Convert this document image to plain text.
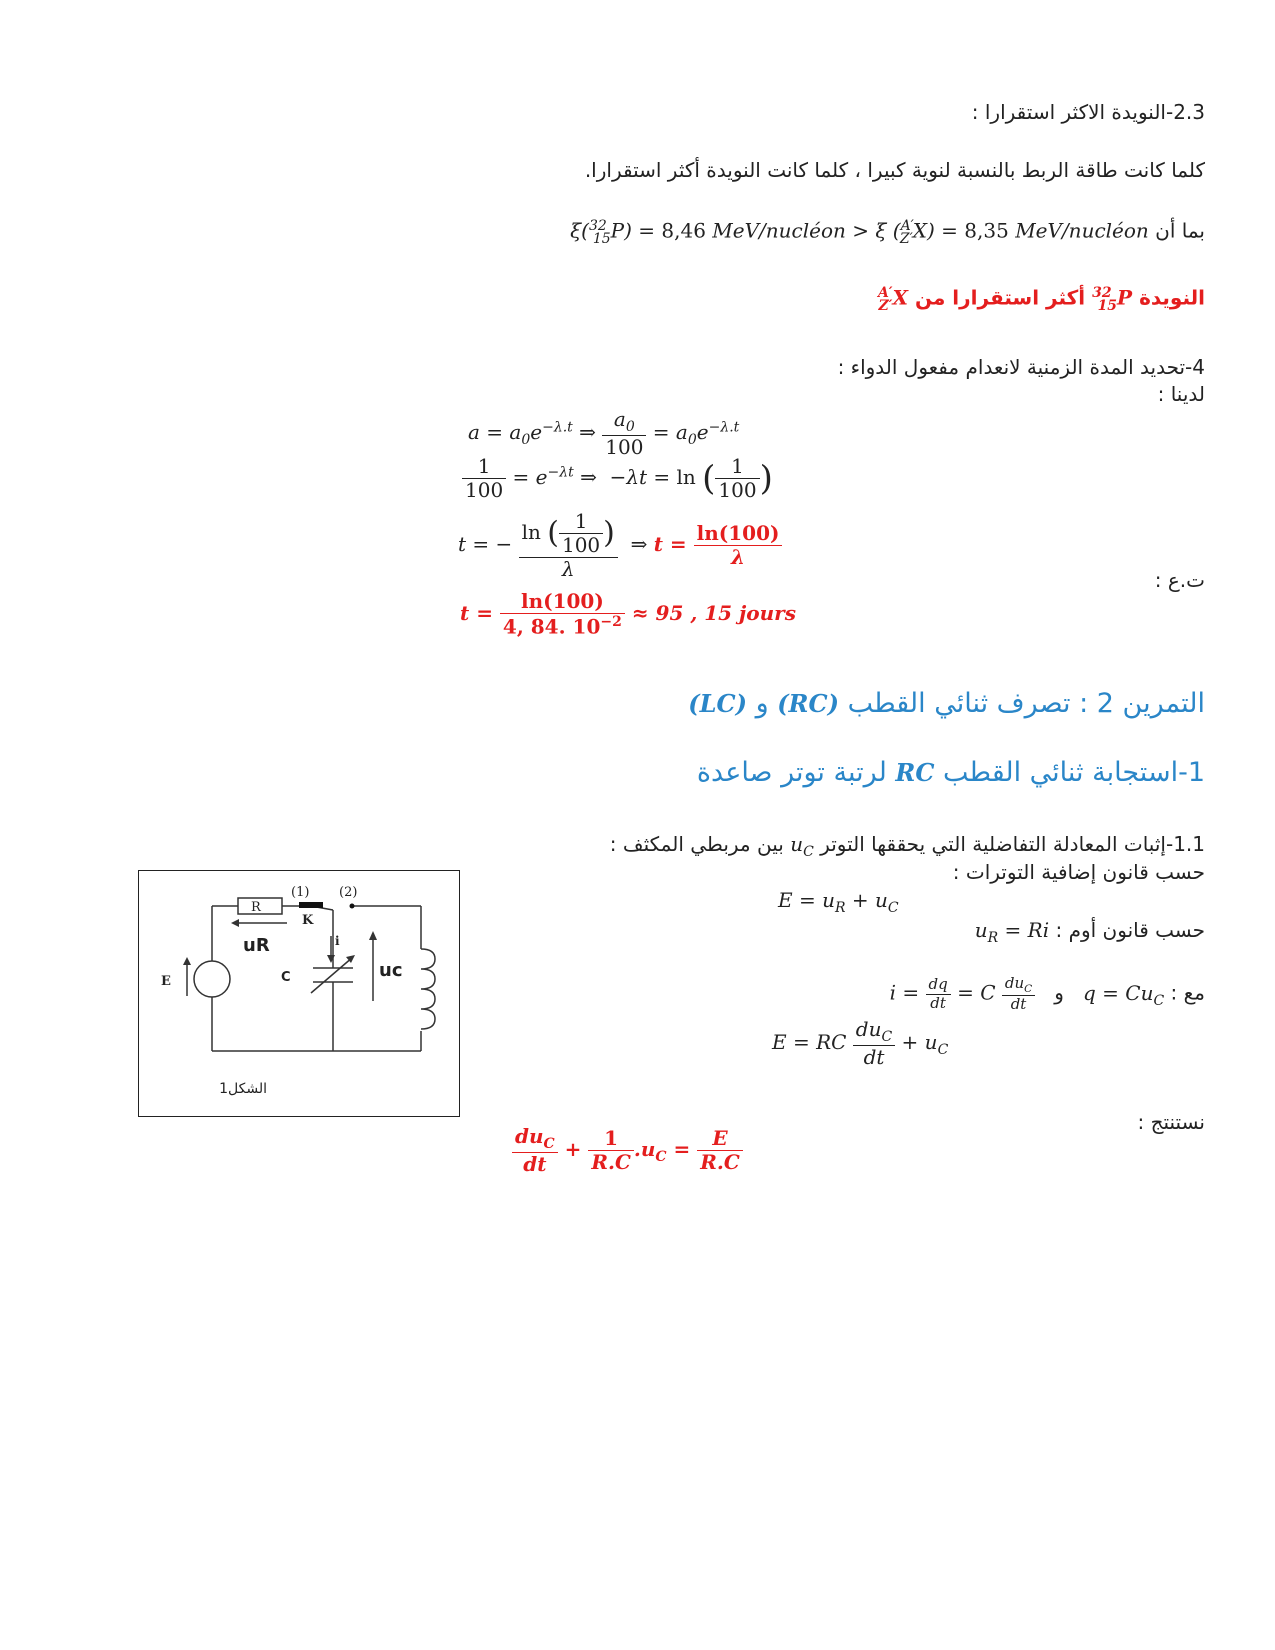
2.3-النويدة الاكثر استقرارا :
كلما كانت طاقة الربط بالنسبة لنوية كبيرا ، كلما كانت النويدة أكثر استقرارا.
بما أن ξ($^{32}_{15}$P) = 8,46 MeV/nucléon > ξ ($^{A'}_{Z'}$X) = 8,35 MeV/nucléon
النويدة $^{32}_{15}$P أكثر استقرارا من $^{A'}_{Z'}$X
4-تحديد المدة الزمنية لانعدام مفعول الدواء :
لدينا :
$a = a_0e^{-\lambda.t}$ ⇒ $\frac{a_0}{100} = a_0e^{-\lambda.t}$
$\frac{1}{100} = e^{-\lambda t}$ ⇒  −λt = ln ( $\frac{1}{100}$ )
t = − $\frac{\ln ( \frac{1}{100} )}{\lambda}$ ⇒ $t = \frac{\ln(100)}{\lambda}$
ت.ع :
$t = \frac{\ln(100)}{4, 84. 10^{-2}} \approx 95$ , 15 jours
التمرين 2 : تصرف ثنائي القطب (RC) و (LC)
1-استجابة ثنائي القطب RC لرتبة توتر صاعدة
1.1-إثبات المعادلة التفاضلية التي يحققها التوتر $u_C$ بين مربطي المكثف :
حسب قانون إضافية التوترات :
$E = u_R + u_C$
حسب قانون أوم : $u_R = Ri$
مع : $q = Cu_C$   و   $i = \frac{dq}{dt} = C \frac{du_C}{dt}$
E = RC $\frac{du_C}{dt} + u_C$
نستنتج :
$\frac{du_C}{dt} + \frac{1}{R.C} .u_C = \frac{E}{R.C}$
R
(1) (2)
K
i
uR
C	uc
E
الشكل1
